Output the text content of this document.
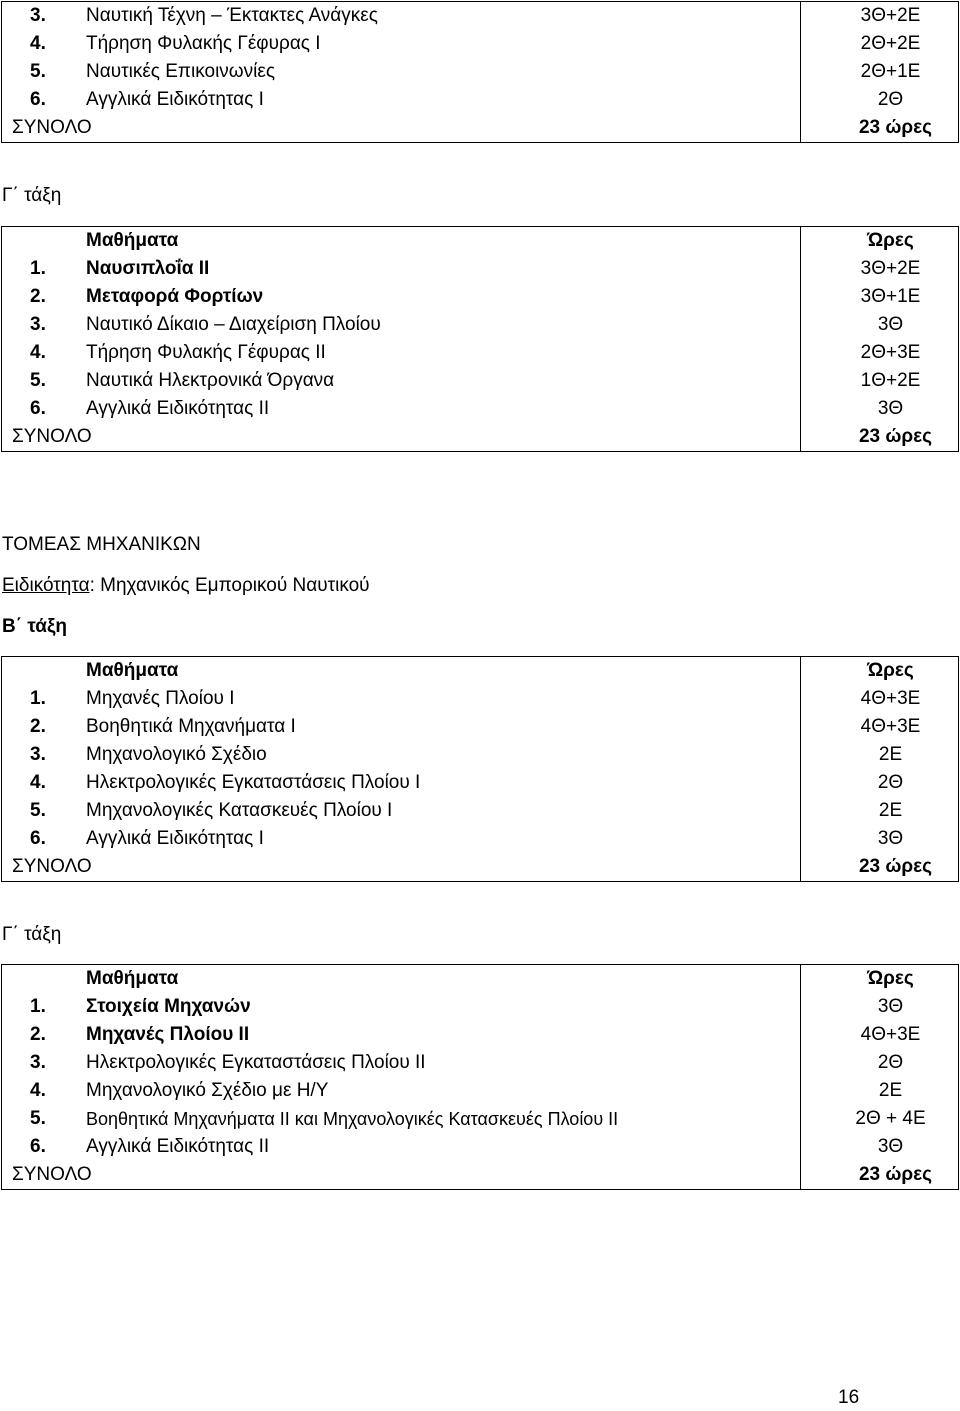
3.	Ναυτική Τέχνη – Έκτακτες Ανάγκες	3Θ+2Ε
4.	Τήρηση Φυλακής Γέφυρας Ι	2Θ+2Ε
5.	Ναυτικές Επικοινωνίες	2Θ+1Ε
6.	Αγγλικά Ειδικότητας Ι	2Θ
ΣΥΝΟΛΟ	23 ώρες
Γ΄ τάξη
Μαθήματα	Ώρες
1.	Ναυσιπλοΐα ΙΙ	3Θ+2Ε
2.	Μεταφορά Φορτίων	3Θ+1Ε
3.	Ναυτικό Δίκαιο – Διαχείριση Πλοίου	3Θ
4.	Τήρηση Φυλακής Γέφυρας ΙΙ	2Θ+3Ε
5.	Ναυτικά Ηλεκτρονικά Όργανα	1Θ+2Ε
6.	Αγγλικά Ειδικότητας ΙΙ	3Θ
ΣΥΝΟΛΟ	23 ώρες
ΤΟΜΕΑΣ ΜΗΧΑΝΙΚΩΝ
Ειδικότητα: Μηχανικός Εμπορικού Ναυτικού
Β΄ τάξη
Μαθήματα	Ώρες
1.	Μηχανές Πλοίου Ι	4Θ+3Ε
2.	Βοηθητικά Μηχανήματα Ι	4Θ+3Ε
3.	Μηχανολογικό Σχέδιο	2Ε
4.	Ηλεκτρολογικές Εγκαταστάσεις Πλοίου Ι	2Θ
5.	Μηχανολογικές Κατασκευές Πλοίου Ι	2Ε
6.	Αγγλικά Ειδικότητας Ι	3Θ
ΣΥΝΟΛΟ	23 ώρες
Γ΄ τάξη
Μαθήματα	Ώρες
1.	Στοιχεία Μηχανών	3Θ
2.	Μηχανές Πλοίου ΙΙ	4Θ+3Ε
3.	Ηλεκτρολογικές Εγκαταστάσεις Πλοίου ΙΙ	2Θ
4.	Μηχανολογικό Σχέδιο με Η/Υ	2Ε
5.	Βοηθητικά Μηχανήματα ΙΙ και Μηχανολογικές Κατασκευές Πλοίου ΙΙ	2Θ + 4Ε
6.	Αγγλικά Ειδικότητας ΙΙ	3Θ
ΣΥΝΟΛΟ	23 ώρες
16
